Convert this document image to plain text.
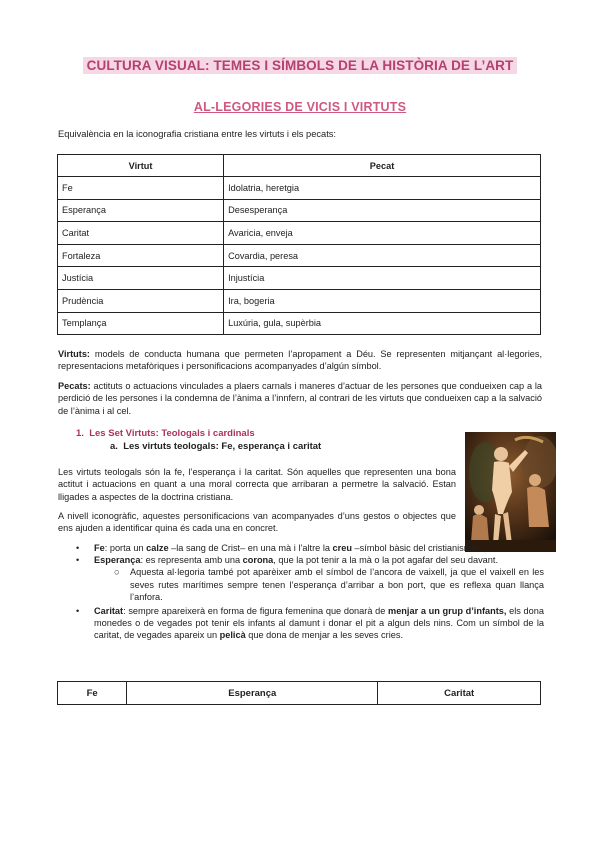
CULTURA VISUAL: TEMES I SÍMBOLS DE LA HISTÒRIA DE L’ART
AL-LEGORIES DE VICIS I VIRTUTS
Equivalència en la iconografia cristiana entre les virtuts i els pecats:
Virtut	Pecat
Fe	Idolatria, heretgia
Esperança	Desesperança
Caritat	Avaricia, enveja
Fortaleza	Covardia, peresa
Justícia	Injustícia
Prudència	Ira, bogeria
Templança	Luxúria, gula, supèrbia
Virtuts: models de conducta humana que permeten l’apropament a Déu. Se representen mitjançant al·legories, representacions metafòriques i personificacions acompanyades d’algún símbol.
Pecats: actituts o actuacions vinculades a plaers carnals i maneres d’actuar de les persones que condueixen cap a la perdició de les persones i la condemna de l’ànima a l’innfern, al contrari de les virtuts que condueixen cap a la salvació de l’ànima i al cel.
1. Les Set Virtuts: Teologals i cardinals
a. Les virtuts teologals: Fe, esperança i caritat
Les virtuts teologals són la fe, l’esperança i la caritat. Són aquelles que representen una bona actitut i actuacions en quant a una moral correcta que arribaran a permetre la salvació. Estan lligades a aspectes de la doctrina cristiana.
A nivell iconogràfic, aquestes personificacions van acompanyades d’uns gestos o objectes que ens ajuden a identificar quina és cada una en concret.
• Fe: porta un calze –la sang de Crist– en una mà i l’altre la creu –símbol bàsic del cristianisme–.
• Esperança: es representa amb una corona, que la pot tenir a la mà o la pot agafar del seu davant.
○ Aquesta al·legoria també pot aparèixer amb el símbol de l’ancora de vaixell, ja que el vaixell en les seves rutes marítimes sempre tenen l’esperança d’arribar a bon port, que es reflexa quan llança l’anfora.
• Caritat: sempre apareixerà en forma de figura femenina que donarà de menjar a un grup d’infants, els dona monedes o de vegades pot tenir els infants al damunt i donar el pit a algun dels nins. Com un símbol de la caritat, de vegades apareix un pelicà que dona de menjar a les seves cries.
Fe	Esperança	Caritat
